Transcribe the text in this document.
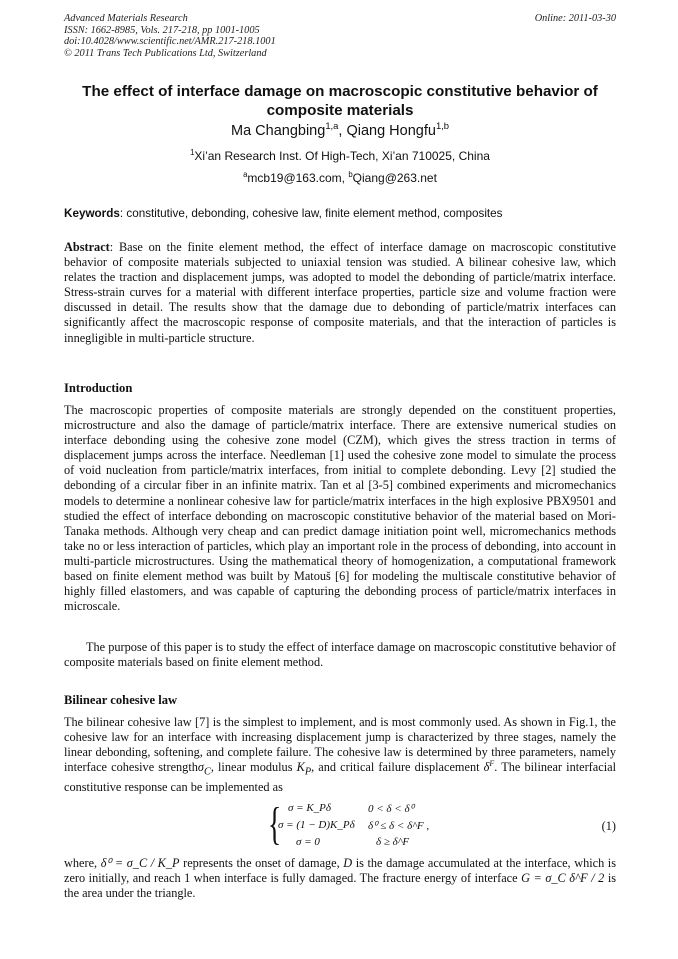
Advanced Materials Research
ISSN: 1662-8985, Vols. 217-218, pp 1001-1005
doi:10.4028/www.scientific.net/AMR.217-218.1001
© 2011 Trans Tech Publications Ltd, Switzerland
Online: 2011-03-30
The effect of interface damage on macroscopic constitutive behavior of composite materials
Ma Changbing$^{1,a}$, Qiang Hongfu$^{1,b}$
$^1$Xi’an Research Inst. Of High-Tech, Xi’an 710025, China
$^a$mcb19@163.com, $^b$Qiang@263.net
Keywords: constitutive, debonding, cohesive law, finite element method, composites
Abstract: Base on the finite element method, the effect of interface damage on macroscopic constitutive behavior of composite materials subjected to uniaxial tension was studied. A bilinear cohesive law, which relates the traction and displacement jumps, was adopted to model the debonding of particle/matrix interface. Stress-strain curves for a material with different interface properties, particle size and volume fraction were discussed in detail. The results show that the damage due to debonding of particle/matrix interfaces can significantly affect the macroscopic response of composite materials, and that the interaction of particles is innegligible in multi-particle structure.
Introduction
The macroscopic properties of composite materials are strongly depended on the constituent properties, microstructure and also the damage of particle/matrix interface. There are extensive numerical studies on interface debonding using the cohesive zone model (CZM), which gives the stress traction in terms of displacement jumps across the interface. Needleman [1] used the cohesive zone model to simulate the process of void nucleation from particle/matrix interfaces, from initial to complete debonding. Levy [2] studied the debonding of a circular fiber in an infinite matrix. Tan et al [3-5] combined experiments and micromechanics models to determine a nonlinear cohesive law for particle/matrix interfaces in the high explosive PBX9501 and studied the effect of interface debonding on macroscopic constitutive behavior of the material based on Mori-Tanaka methods. Although very cheap and can predict damage initiation point well, micromechanics methods take no or less interaction of particles, which play an important role in the process of debonding, into account in multi-particle microstructures. Using the mathematical theory of homogenization, a computational framework based on finite element method was built by Matouš [6] for modeling the multiscale constitutive behavior of highly filled elastomers, and was capable of capturing the debonding process of particle/matrix interfaces in microscale.
The purpose of this paper is to study the effect of interface damage on macroscopic constitutive behavior of composite materials based on finite element method.
Bilinear cohesive law
The bilinear cohesive law [7] is the simplest to implement, and is most commonly used. As shown in Fig.1, the cohesive law for an interface with increasing displacement jump is characterized by three stages, namely the linear debonding, softening, and complete failure. The cohesive law is determined by three parameters, namely interface cohesive strengthσ$_C$, linear modulus $K_P$, and critical failure displacement $\delta^F$. The bilinear interfacial constitutive response can be implemented as
{ σ = K_Pδ	0 < δ < δ⁰
σ = (1 − D)K_Pδ δ⁰ ≤ δ < δ^F ,
σ = 0	δ ≥ δ^F
(1)
where, δ⁰ = σ_C / K_P represents the onset of damage, D is the damage accumulated at the interface, which is zero initially, and reach 1 when interface is fully damaged. The fracture energy of interface G = σ_C δ^F / 2 is the area under the triangle.
